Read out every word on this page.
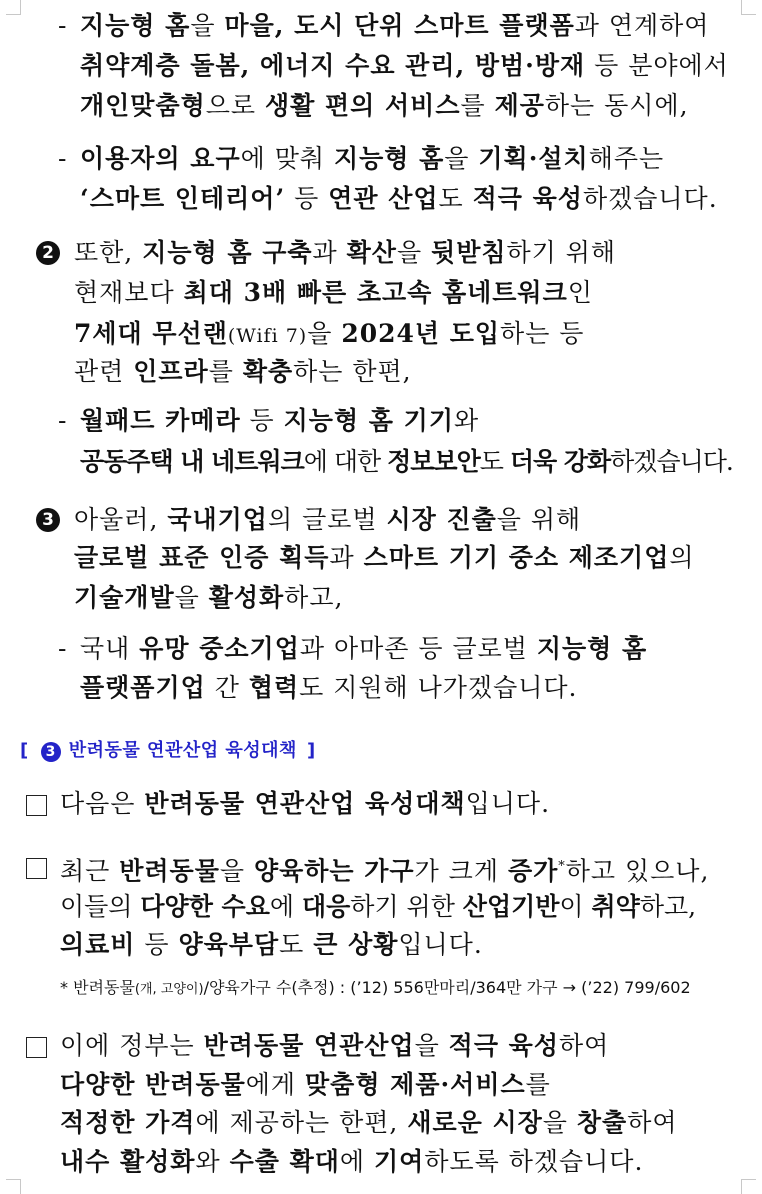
- 지능형 홈을 마을, 도시 단위 스마트 플랫폼과 연계하여
취약계층 돌봄, 에너지 수요 관리, 방범·방재 등 분야에서
개인맞춤형으로 생활 편의 서비스를 제공하는 동시에,
- 이용자의 요구에 맞춰 지능형 홈을 기획·설치해주는
‘스마트 인테리어’ 등 연관 산업도 적극 육성하겠습니다.
2 또한, 지능형 홈 구축과 확산을 뒷받침하기 위해
현재보다 최대 3배 빠른 초고속 홈네트워크인
7세대 무선랜(Wifi 7)을 2024년 도입하는 등
관련 인프라를 확충하는 한편,
- 월패드 카메라 등 지능형 홈 기기와
공동주택 내 네트워크에 대한 정보보안도 더욱 강화하겠습니다.
3 아울러, 국내기업의 글로벌 시장 진출을 위해
글로벌 표준 인증 획득과 스마트 기기 중소 제조기업의
기술개발을 활성화하고,
- 국내 유망 중소기업과 아마존 등 글로벌 지능형 홈
플랫폼기업 간 협력도 지원해 나가겠습니다.
[ 3 반려동물 연관산업 육성대책 ]
다음은 반려동물 연관산업 육성대책입니다.
최근 반려동물을 양육하는 가구가 크게 증가*하고 있으나,
이들의 다양한 수요에 대응하기 위한 산업기반이 취약하고,
의료비 등 양육부담도 큰 상황입니다.
* 반려동물(개, 고양이)/양육가구 수(추정) : (’12) 556만마리/364만 가구 → (’22) 799/602
이에 정부는 반려동물 연관산업을 적극 육성하여
다양한 반려동물에게 맞춤형 제품·서비스를
적정한 가격에 제공하는 한편, 새로운 시장을 창출하여
내수 활성화와 수출 확대에 기여하도록 하겠습니다.
